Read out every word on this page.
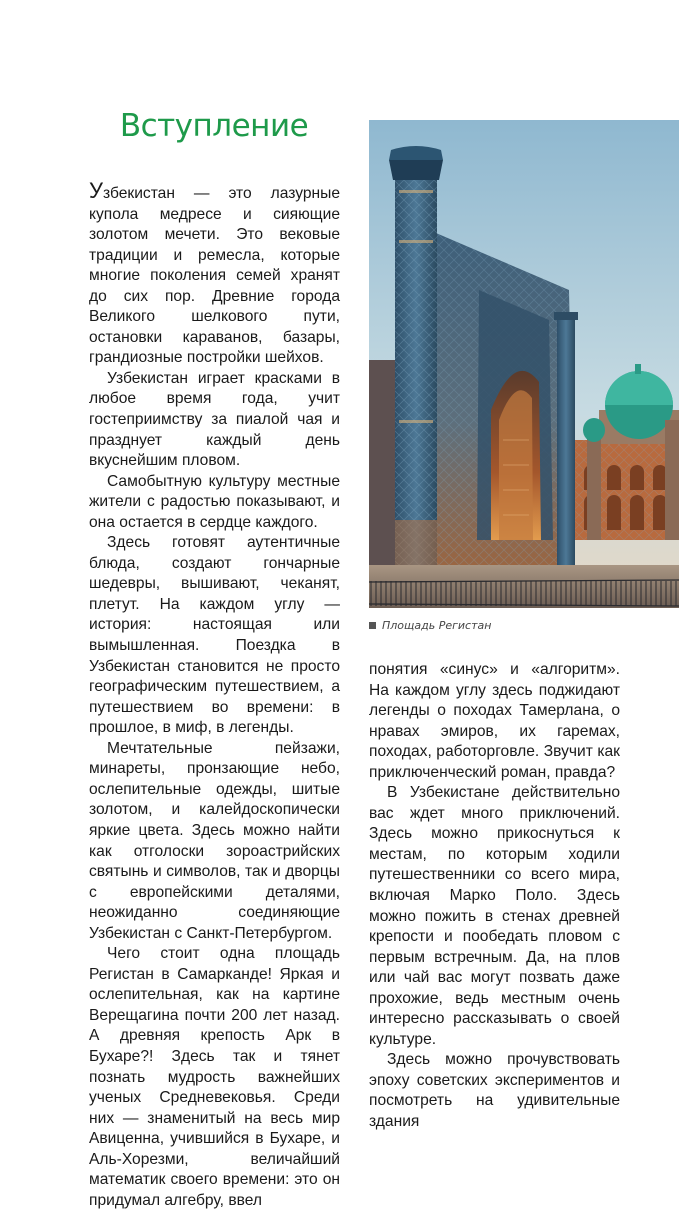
Вступление

Узбекистан — это лазурные купола медресе и сияющие золотом мечети. Это вековые традиции и ремесла, которые многие поколения семей хранят до сих пор. Древние города Великого шелкового пути, остановки караванов, базары, грандиозные постройки шейхов.

Узбекистан играет красками в любое время года, учит гостеприимству за пиалой чая и празднует каждый день вкуснейшим пловом.

Самобытную культуру местные жители с радостью показывают, и она остается в сердце каждого.

Здесь готовят аутентичные блюда, создают гончарные шедевры, вышивают, чеканят, плетут. На каждом углу — история: настоящая или вымышленная. Поездка в Узбекистан становится не просто географическим путешествием, а путешествием во времени: в прошлое, в миф, в легенды.

Мечтательные пейзажи, минареты, пронзающие небо, ослепительные одежды, шитые золотом, и калейдоскопически яркие цвета. Здесь можно найти как отголоски зороастрийских святынь и символов, так и дворцы с европейскими деталями, неожиданно соединяющие Узбекистан с Санкт-Петербургом.

Чего стоит одна площадь Регистан в Самарканде! Яркая и ослепительная, как на картине Верещагина почти 200 лет назад. А древняя крепость Арк в Бухаре?! Здесь так и тянет познать мудрость важнейших ученых Средневековья. Среди них — знаменитый на весь мир Авиценна, учившийся в Бухаре, и Аль-Хорезми, величайший математик своего времени: это он придумал алгебру, ввел

Площадь Регистан

понятия «синус» и «алгоритм». На каждом углу здесь поджидают легенды о походах Тамерлана, о нравах эмиров, их гаремах, походах, работорговле. Звучит как приключенческий роман, правда?

В Узбекистане действительно вас ждет много приключений. Здесь можно прикоснуться к местам, по которым ходили путешественники со всего мира, включая Марко Поло. Здесь можно пожить в стенах древней крепости и пообедать пловом с первым встречным. Да, на плов или чай вас могут позвать даже прохожие, ведь местным очень интересно рассказывать о своей культуре.

Здесь можно прочувствовать эпоху советских экспериментов и посмотреть на удивительные здания
